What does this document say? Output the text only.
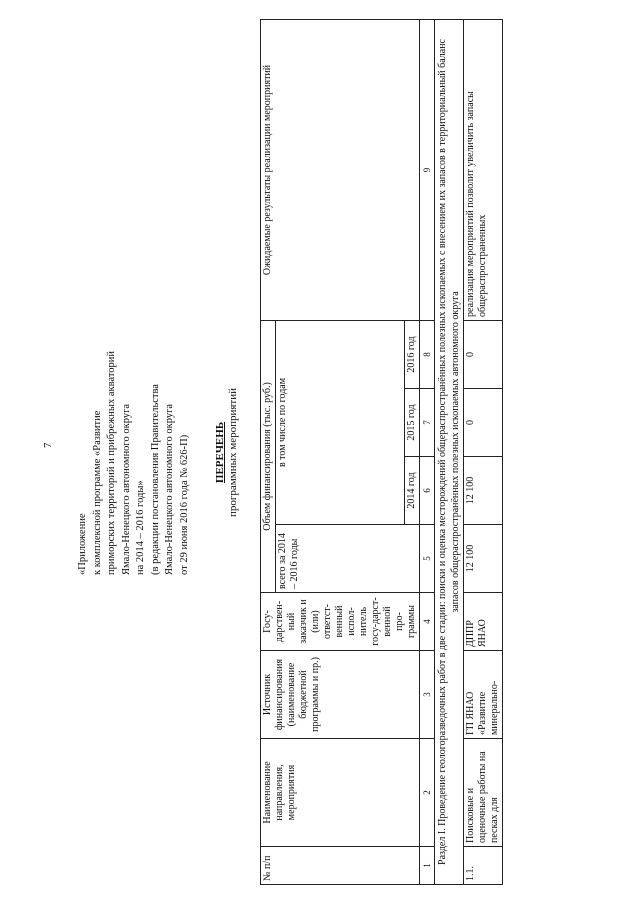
7
«Приложение к комплексной программе «Развитие приморских территорий и прибрежных акваторий Ямало-Ненецкого автономного округа на 2014 – 2016 годы» (в редакции постановления Правительства Ямало-Ненецкого автономного округа от 29 июня 2016 года № 626-П) ПЕРЕЧЕНЬ программных мероприятий
№ п/п	Наименование направления, мероприятия	Источник финансирования (наименование бюджетной программы и пр.)	Госу-дарствен-ный заказчик и (или) ответст-венный испол-нитель госу-дарст-венной про-граммы	Объем финансирования (тыс. руб.)				Ожидаемые результаты реализации мероприятий
				всего за 2014 – 2016 годы	в том числе по годам			
					2014 год	2015 год	2016 год	
1	2	3	4	5	6	7	8	9
Раздел I. Проведение геологоразведочных работ в две стадии: поиски и оценка месторождений общераспространённых полезных ископаемых с внесением их запасов в территориальный баланс запасов общераспространённых полезных ископаемых автономного округа								
1.1.	Поисковые и оценочные работы на песках для	ГП ЯНАО «Развитие минерально-	ДППР ЯНАО	12 100	12 100	0	0	реализация мероприятий позволит увеличить запасы общераспространенных
